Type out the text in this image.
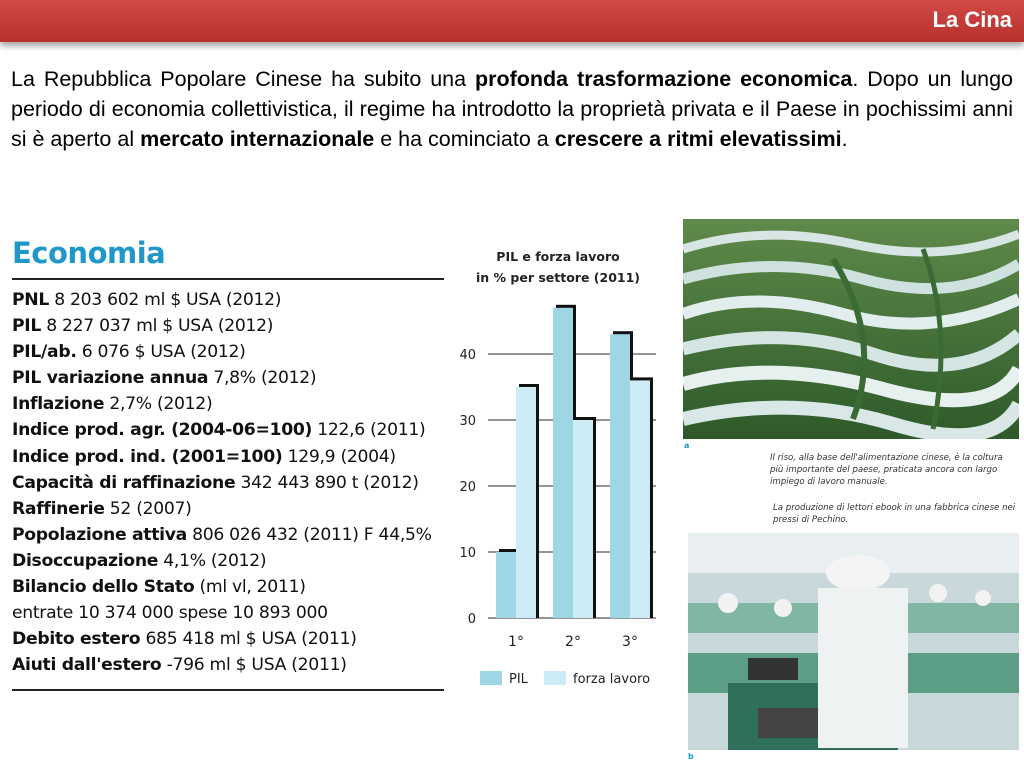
La Cina
La Repubblica Popolare Cinese ha subito una profonda trasformazione economica. Dopo un lungo periodo di economia collettivistica, il regime ha introdotto la proprietà privata e il Paese in pochissimi anni si è aperto al mercato internazionale e ha cominciato a crescere a ritmi elevatissimi.
Economia
PNL 8 203 602 ml $ USA (2012)
PIL 8 227 037 ml $ USA (2012)
PIL/ab. 6 076 $ USA (2012)
PIL variazione annua 7,8% (2012)
Inflazione 2,7% (2012)
Indice prod. agr. (2004-06=100) 122,6 (2011)
Indice prod. ind. (2001=100) 129,9 (2004)
Capacità di raffinazione 342 443 890 t (2012)
Raffinerie 52 (2007)
Popolazione attiva 806 026 432 (2011) F 44,5%
Disoccupazione 4,1% (2012)
Bilancio dello Stato (ml vl, 2011)
entrate 10 374 000 spese 10 893 000
Debito estero 685 418 ml $ USA (2011)
Aiuti dall'estero -796 ml $ USA (2011)
PIL e forza lavoro
in % per settore (2011)
0
10
20
30
40
1°	2°	3°
PIL	forza lavoro
a
Il riso, alla base dell'alimentazione cinese, è la coltura più importante del paese, praticata ancora con largo impiego di lavoro manuale.
La produzione di lettori ebook in una fabbrica cinese nei pressi di Pechino.
b
